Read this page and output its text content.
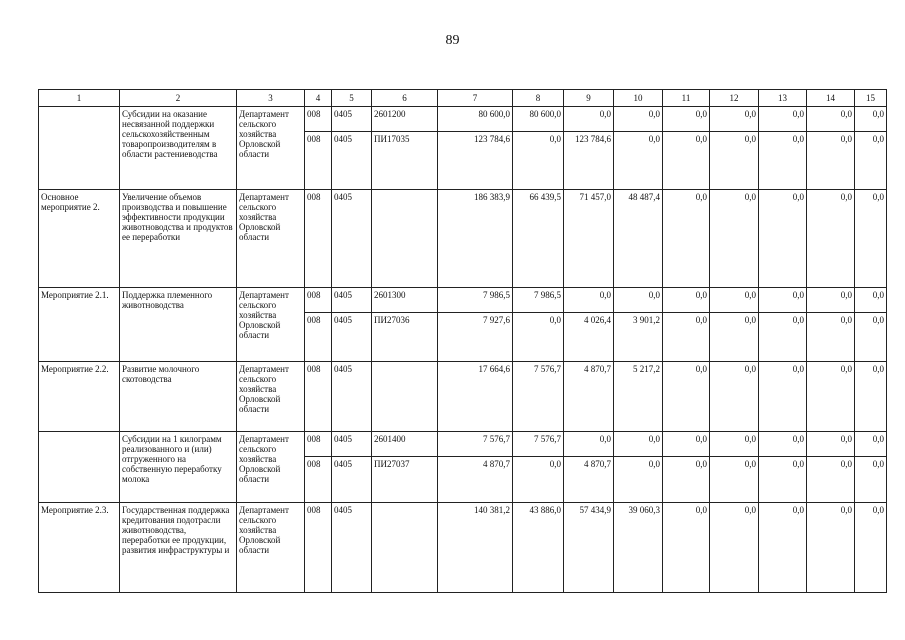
89
1	2	3	4	5	6	7	8	9	10	11	12	13	14	15
	Субсидии на оказание несвязанной поддержки сельскохозяйственным товаропроизводителям в области растениеводства	Департамент сельского хозяйства Орловской области	008	0405	2601200	80 600,0	80 600,0	0,0	0,0	0,0	0,0	0,0	0,0	0,0
			008	0405	ПИ17035	123 784,6	0,0	123 784,6	0,0	0,0	0,0	0,0	0,0	0,0
Основное мероприятие 2.	Увеличение объемов производства и повышение эффективности продукции животноводства и продуктов ее переработки	Департамент сельского хозяйства Орловской области	008	0405		186 383,9	66 439,5	71 457,0	48 487,4	0,0	0,0	0,0	0,0	0,0
Мероприятие 2.1.	Поддержка племенного животноводства	Департамент сельского хозяйства Орловской области	008	0405	2601300	7 986,5	7 986,5	0,0	0,0	0,0	0,0	0,0	0,0	0,0
			008	0405	ПИ27036	7 927,6	0,0	4 026,4	3 901,2	0,0	0,0	0,0	0,0	0,0
Мероприятие 2.2.	Развитие молочного скотоводства	Департамент сельского хозяйства Орловской области	008	0405		17 664,6	7 576,7	4 870,7	5 217,2	0,0	0,0	0,0	0,0	0,0
	Субсидии на 1 килограмм реализованного и (или) отгруженного на собственную переработку молока	Департамент сельского хозяйства Орловской области	008	0405	2601400	7 576,7	7 576,7	0,0	0,0	0,0	0,0	0,0	0,0	0,0
			008	0405	ПИ27037	4 870,7	0,0	4 870,7	0,0	0,0	0,0	0,0	0,0	0,0
Мероприятие 2.3.	Государственная поддержка кредитования подотрасли животноводства, переработки ее продукции, развития инфраструктуры и	Департамент сельского хозяйства Орловской области	008	0405		140 381,2	43 886,0	57 434,9	39 060,3	0,0	0,0	0,0	0,0	0,0
